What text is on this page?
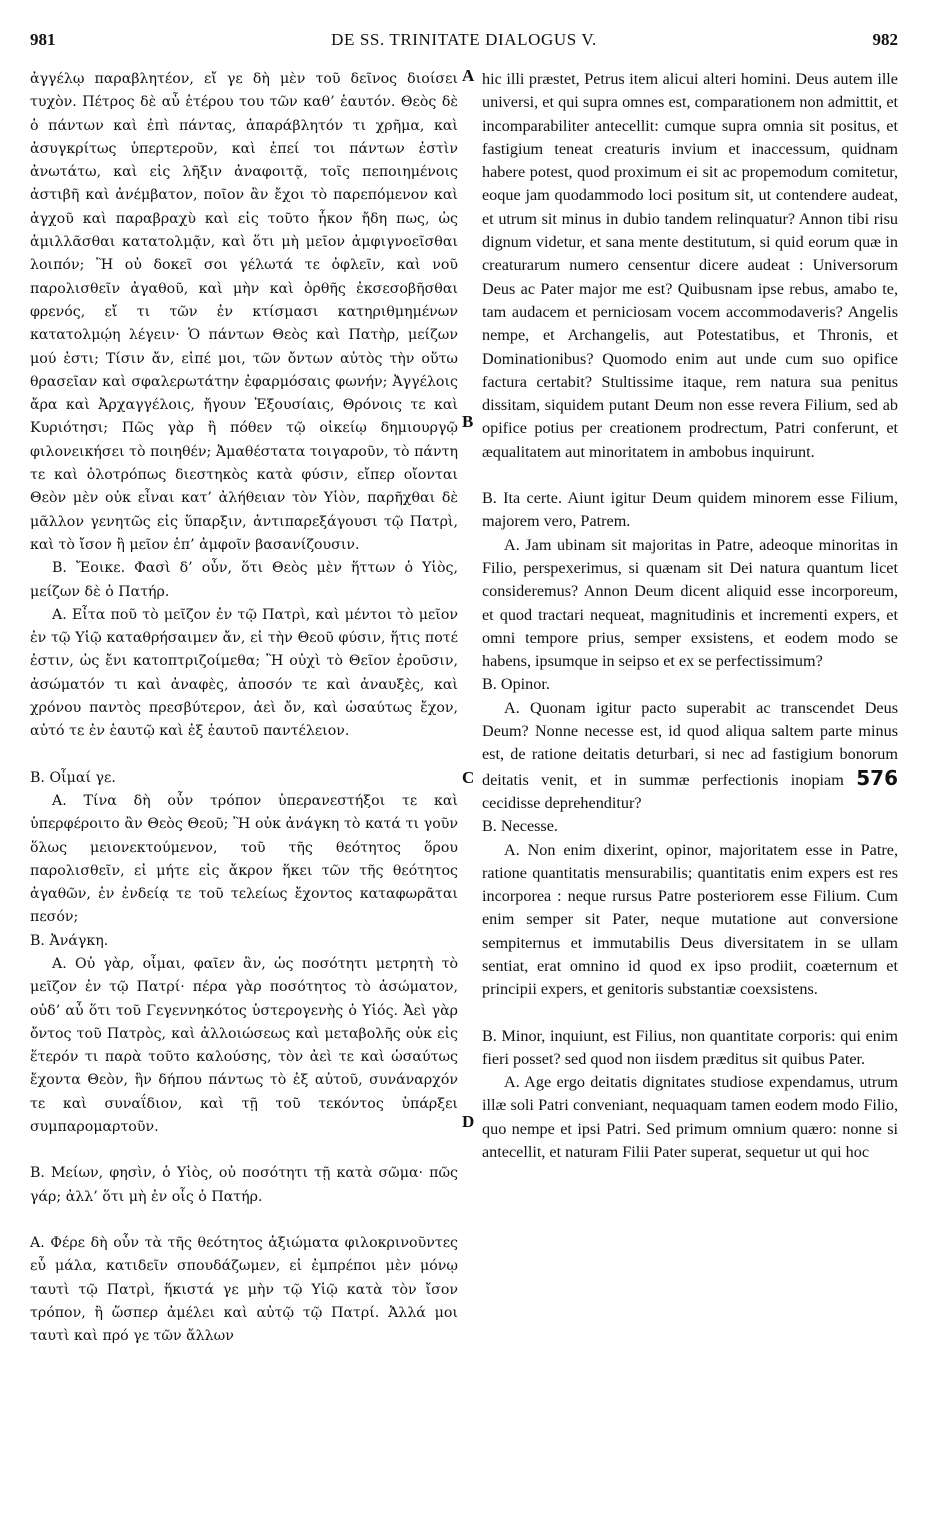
981	DE SS. TRINITATE DIALOGUS V.	982
A
B
C
D

ἀγγέλῳ παραβλητέον, εἴ γε δὴ μὲν τοῦ δεῖνος διοίσει τυχὸν. Πέτρος δὲ αὖ ἑτέρου του τῶν καθ’ ἑαυτόν. Θεὸς δὲ ὁ πάντων καὶ ἐπὶ πάντας, ἀπαράβλητόν τι χρῆμα, καὶ ἀσυγκρίτως ὑπερτεροῦν, καὶ ἐπεί τοι πάντων ἐστὶν ἀνωτάτω, καὶ εἰς λῆξιν ἀναφοιτᾷ, τοῖς πεποιημένοις ἀστιβῆ καὶ ἀνέμβατον, ποῖον ἂν ἔχοι τὸ παρεπόμενον καὶ ἀγχοῦ καὶ παραβραχὺ καὶ εἰς τοῦτο ἧκον ἤδη πως, ὡς ἁμιλλᾶσθαι κατατολμᾷν, καὶ ὅτι μὴ μεῖον ἀμφιγνοεῖσθαι λοιπόν; Ἢ οὐ δοκεῖ σοι γέλωτά τε ὀφλεῖν, καὶ νοῦ παρολισθεῖν ἀγαθοῦ, καὶ μὴν καὶ ὀρθῆς ἐκσεσοβῆσθαι φρενός, εἴ τι τῶν ἐν κτίσμασι κατηριθμημένων κατατολμῴη λέγειν· Ὁ πάντων Θεὸς καὶ Πατὴρ, μείζων μού ἐστι; Τίσιν ἄν, εἰπέ μοι, τῶν ὄντων αὐτὸς τὴν οὕτω θρασεῖαν καὶ σφαλερωτάτην ἐφαρμόσαις φωνήν; Ἀγγέλοις ἄρα καὶ Ἀρχαγγέλοις, ἤγουν Ἐξουσίαις, Θρόνοις τε καὶ Κυριότησι; Πῶς γὰρ ἢ πόθεν τῷ οἰκείῳ δημιουργῷ φιλονεικήσει τὸ ποιηθέν; Ἀμαθέστατα τοιγαροῦν, τὸ πάντη τε καὶ ὁλοτρόπως διεστηκὸς κατὰ φύσιν, εἴπερ οἴονται Θεὸν μὲν οὐκ εἶναι κατ’ ἀλήθειαν τὸν Υἱὸν, παρῆχθαι δὲ μᾶλλον γενητῶς εἰς ὕπαρξιν, ἀντιπαρεξάγουσι τῷ Πατρὶ, καὶ τὸ ἴσον ἢ μεῖον ἐπ’ ἀμφοῖν βασανίζουσιν.

Β. Ἔοικε. Φασὶ δ’ οὖν, ὅτι Θεὸς μὲν ἥττων ὁ Υἱὸς, μείζων δὲ ὁ Πατήρ.

Α. Εἶτα ποῦ τὸ μεῖζον ἐν τῷ Πατρὶ, καὶ μέντοι τὸ μεῖον ἐν τῷ Υἱῷ καταθρήσαιμεν ἄν, εἰ τὴν Θεοῦ φύσιν, ἥτις ποτέ ἐστιν, ὡς ἔνι κατοπτριζοίμεθα; Ἢ οὐχὶ τὸ Θεῖον ἐροῦσιν, ἀσώματόν τι καὶ ἀναφὲς, ἀποσόν τε καὶ ἀναυξὲς, καὶ χρόνου παντὸς πρεσβύτερον, ἀεὶ ὄν, καὶ ὡσαύτως ἔχον, αὐτό τε ἐν ἑαυτῷ καὶ ἐξ ἑαυτοῦ παντέλειον.

Β. Οἶμαί γε.

Α. Τίνα δὴ οὖν τρόπον ὑπερανεστήξοι τε καὶ ὑπερφέροιτο ἂν Θεὸς Θεοῦ; Ἢ οὐκ ἀνάγκη τὸ κατά τι γοῦν ὅλως μειονεκτούμενον, τοῦ τῆς θεότητος ὅρου παρολισθεῖν, εἰ μήτε εἰς ἄκρον ἥκει τῶν τῆς θεότητος ἀγαθῶν, ἐν ἐνδείᾳ τε τοῦ τελείως ἔχοντος καταφωρᾶται πεσόν;

Β. Ἀνάγκη.

Α. Οὐ γὰρ, οἶμαι, φαῖεν ἂν, ὡς ποσότητι μετρητὴ τὸ μεῖζον ἐν τῷ Πατρί· πέρα γὰρ ποσότητος τὸ ἀσώματον, οὐδ’ αὖ ὅτι τοῦ Γεγεννηκότος ὑστερογενὴς ὁ Υἱός. Ἀεὶ γὰρ ὄντος τοῦ Πατρὸς, καὶ ἀλλοιώσεως καὶ μεταβολῆς οὐκ εἰς ἕτερόν τι παρὰ τοῦτο καλούσης, τὸν ἀεὶ τε καὶ ὡσαύτως ἔχοντα Θεὸν, ἣν δήπου πάντως τὸ ἐξ αὐτοῦ, συνάναρχόν τε καὶ συναΐδιον, καὶ τῇ τοῦ τεκόντος ὑπάρξει συμπαρομαρτοῦν.

Β. Μείων, φησὶν, ὁ Υἱὸς, οὐ ποσότητι τῇ κατὰ σῶμα· πῶς γάρ; ἀλλ’ ὅτι μὴ ἐν οἷς ὁ Πατήρ.

Α. Φέρε δὴ οὖν τὰ τῆς θεότητος ἀξιώματα φιλοκρινοῦντες εὖ μάλα, κατιδεῖν σπουδάζωμεν, εἰ ἐμπρέποι μὲν μόνῳ ταυτὶ τῷ Πατρὶ, ἥκιστά γε μὴν τῷ Υἱῷ κατὰ τὸν ἴσον τρόπον, ἢ ὥσπερ ἀμέλει καὶ αὐτῷ τῷ Πατρί. Ἀλλά μοι ταυτὶ καὶ πρό γε τῶν ἄλλων

hic illi præstet, Petrus item alicui alteri homini. Deus autem ille universi, et qui supra omnes est, comparationem non admittit, et incomparabiliter antecellit: cumque supra omnia sit positus, et fastigium teneat creaturis invium et inaccessum, quidnam habere potest, quod proximum ei sit ac propemodum comitetur, eoque jam quodammodo loci positum sit, ut contendere audeat, et utrum sit minus in dubio tandem relinquatur? Annon tibi risu dignum videtur, et sana mente destitutum, si quid eorum quæ in creaturarum numero censentur dicere audeat : Universorum Deus ac Pater major me est? Quibusnam ipse rebus, amabo te, tam audacem et perniciosam vocem accommodaveris? Angelis nempe, et Archangelis, aut Potestatibus, et Thronis, et Dominationibus? Quomodo enim aut unde cum suo opifice factura certabit? Stultissime itaque, rem natura sua penitus dissitam, siquidem putant Deum non esse revera Filium, sed ab opifice potius per creationem prodrectum, Patri conferunt, et æqualitatem aut minoritatem in ambobus inquirunt.

B. Ita certe. Aiunt igitur Deum quidem minorem esse Filium, majorem vero, Patrem.

A. Jam ubinam sit majoritas in Patre, adeoque minoritas in Filio, perspexerimus, si quænam sit Dei natura quantum licet consideremus? Annon Deum dicent aliquid esse incorporeum, et quod tractari nequeat, magnitudinis et incrementi expers, et omni tempore prius, semper exsistens, et eodem modo se habens, ipsumque in seipso et ex se perfectissimum?

B. Opinor.

A. Quonam igitur pacto superabit ac transcendet Deus Deum? Nonne necesse est, id quod aliqua saltem parte minus est, de ratione deitatis deturbari, si nec ad fastigium bonorum deitatis venit, et in summæ perfectionis inopiam 576 cecidisse deprehenditur?

B. Necesse.

A. Non enim dixerint, opinor, majoritatem esse in Patre, ratione quantitatis mensurabilis; quantitatis enim expers est res incorporea : neque rursus Patre posteriorem esse Filium. Cum enim semper sit Pater, neque mutatione aut conversione sempiternus et immutabilis Deus diversitatem in se ullam sentiat, erat omnino id quod ex ipso prodiit, coæternum et principii expers, et genitoris substantiæ coexsistens.

B. Minor, inquiunt, est Filius, non quantitate corporis: qui enim fieri posset? sed quod non iisdem præditus sit quibus Pater.

A. Age ergo deitatis dignitates studiose expendamus, utrum illæ soli Patri conveniant, nequaquam tamen eodem modo Filio, quo nempe et ipsi Patri. Sed primum omnium quæro: nonne si antecellit, et naturam Filii Pater superat, sequetur ut qui hoc
